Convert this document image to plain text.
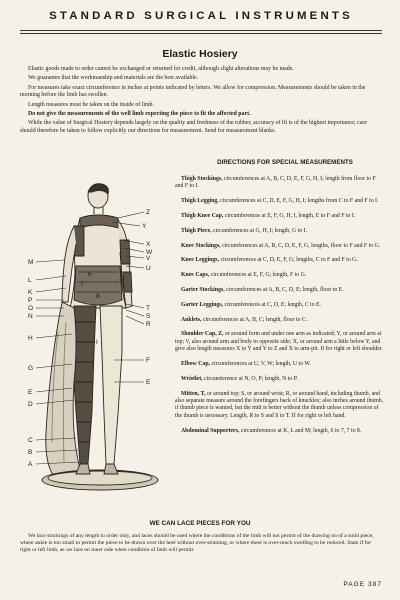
STANDARD SURGICAL INSTRUMENTS
Elastic Hosiery

Elastic goods made to order cannot be exchanged or returned for credit, although slight alterations may be made.

We guarantee that the workmanship and materials are the best available.

For measures take exact circumference in inches at points indicated by letters. We allow for compression. Measurements should be taken in the morning before the limb has swollen.

Length measures must be taken on the inside of limb.

Do not give the measurements of the well limb expecting the piece to fit the affected part.

While the value of Surgical Hosiery depends largely on the quality and freshness of the rubber, accuracy of fit is of the highest importance; care should therefore be taken to follow explicitly our directions for measurement. Send for measurement blanks.

DIRECTIONS FOR SPECIAL MEASUREMENTS

Thigh Stockings, circumferences at A, B, C, D, E, F, G, H, I; length from floor to F and F to I.

Thigh Legging, circumferences at C, D, E, F, G, H, I; lengths from C to F and F to I.

Thigh Knee Cap, circumferences at E, F, G, H, I, length, E to F and F to I.

Thigh Piece, circumferences at G, H, I; length, G to I.

Knee Stockings, circumferences at A, B, C, D, E, F, G, lengths, floor to F and F to G.

Knee Leggings, circumferences at C, D, E, F, G; lengths, C to F and F to G.

Knee Caps, circumferences at E, F, G; length, F to G.

Garter Stockings, circumferences at A, B, C, D, E; length, floor to E.

Garter Leggings, circumferences at C, D, E; length, C to E.

Anklets, circumferences at A, B, C; length, floor to C.

Shoulder Cap, Z, or around form and under one arm as indicated; Y, or around arm at top; V, also around arm and body to opposite side; X, or around arm a little below Y, and give also length measures X to Y and Y to Z and X to arm-pit. If for right or left shoulder.

Elbow Cap, circumferences at U, V, W; length, U to W.

Wristlet, circumference at N, O, P; length, N to P.

Mitten, T, or around top; S, or around wrist; R, or around hand, including thumb, and also separate measure around the forefingers back of knuckles; also inches around thumb, if thumb piece is wanted, but the mitt is better without the thumb unless compression of the thumb is necessary. Length, R to S and S to T. If for right or left hand.

Abdominal Supporters, circumferences at K, L and M; length, 6 to 7, 7 to 8.

Z
Y
X
W
V
U
T
S
R
M
L
K
P
O
N
H
I
G
F
E
E
D
C
B
A
6
7
8
WE CAN LACE PIECES FOR YOU
We lace stockings of any length to order only, and laces should be used where the conditions of the limb will not permit of the drawing on of a solid piece, where ankle is too small to permit the piece to be drawn over the heel without over-straining, or where there is over-much swelling to be reduced. State if for right or left limb, as we lace on inner side when condition of limb will permit.
PAGE 387
